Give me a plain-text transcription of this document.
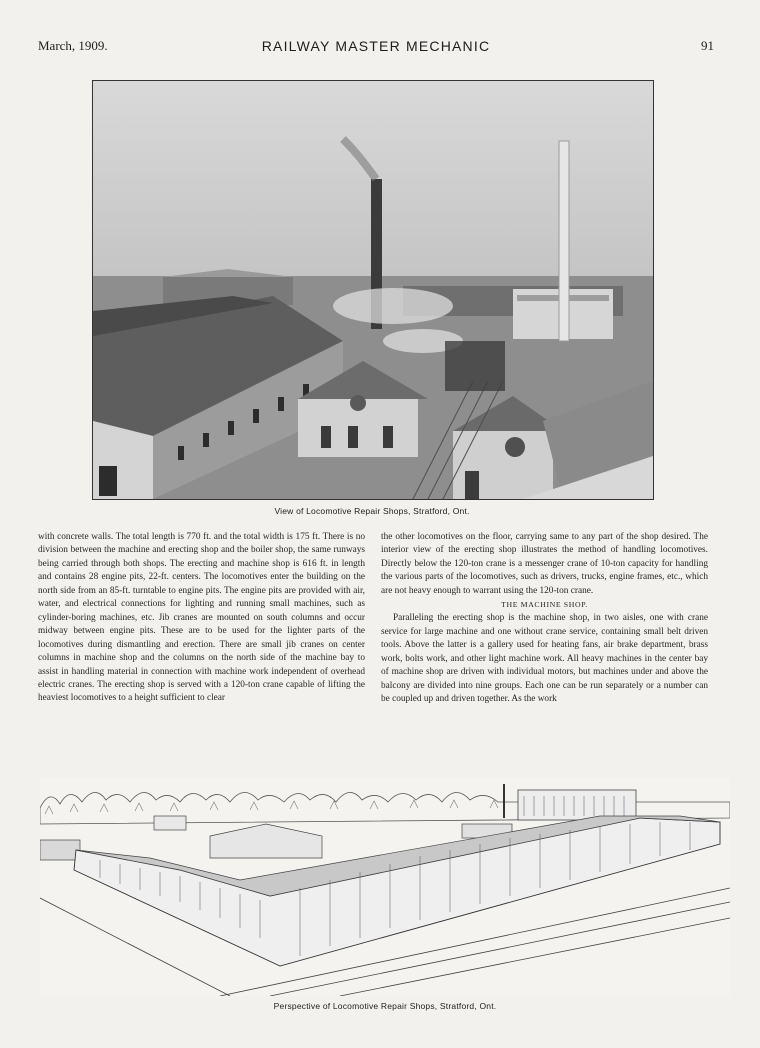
March, 1909.	RAILWAY MASTER MECHANIC	91
View of Locomotive Repair Shops, Stratford, Ont.

with concrete walls. The total length is 770 ft. and the total width is 175 ft. There is no division between the machine and erecting shop and the boiler shop, the same runways being carried through both shops. The erecting and machine shop is 616 ft. in length and contains 28 engine pits, 22-ft. centers. The locomotives enter the building on the north side from an 85-ft. turntable to engine pits. The engine pits are provided with air, water, and electrical connections for lighting and running small machines, such as cylinder-boring machines, etc. Jib cranes are mounted on south columns and occur midway between engine pits. These are to be used for the lighter parts of the locomotives during dismantling and erection. There are small jib cranes on center columns in machine shop and the columns on the north side of the machine bay to assist in handling material in connection with machine work independent of overhead electric cranes. The erecting shop is served with a 120-ton crane capable of lifting the heaviest locomotives to a height sufficient to clear

the other locomotives on the floor, carrying same to any part of the shop desired. The interior view of the erecting shop illustrates the method of handling locomotives. Directly below the 120-ton crane is a messenger crane of 10-ton capacity for handling the various parts of the locomotives, such as drivers, trucks, engine frames, etc., which are not heavy enough to warrant using the 120-ton crane.

THE MACHINE SHOP.

Paralleling the erecting shop is the machine shop, in two aisles, one with crane service for large machine and one without crane service, containing small belt driven tools. Above the latter is a gallery used for heating fans, air brake department, brass work, bolts work, and other light machine work. All heavy machines in the center bay of machine shop are driven with individual motors, but machines under and above the balcony are divided into nine groups. Each one can be run separately or a number can be coupled up and driven together. As the work

Perspective of Locomotive Repair Shops, Stratford, Ont.
